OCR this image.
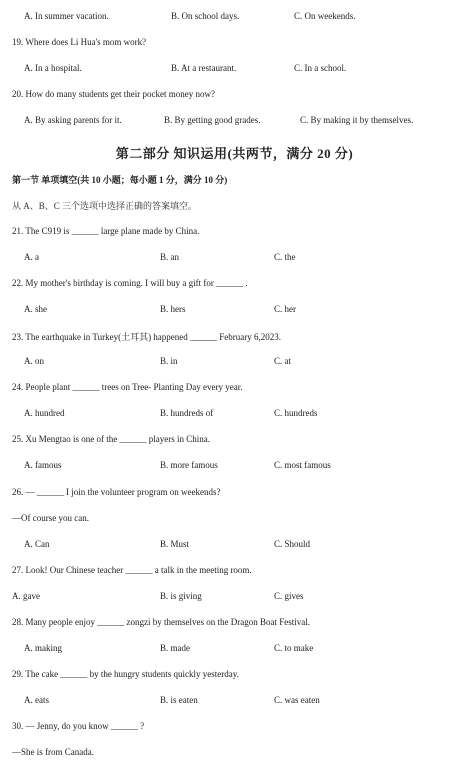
A. In summer vacation.	B. On school days.	C. On weekends.
19. Where does Li Hua's mom work?
A. In a hospital.	B. At a restaurant.	C. In a school.
20. How do many students get their pocket money now?
A. By asking parents for it.	B. By getting good grades.	C. By making it by themselves.
第二部分 知识运用(共两节，满分 20 分)
第一节 单项填空(共 10 小题；每小题 1 分，满分 10 分)
从 A、B、C 三个选项中选择正确的答案填空。
21. The C919 is ______ large plane made by China.
A. a	B. an	C. the
22. My mother's birthday is coming. I will buy a gift for ______ .
A. she	B. hers	C. her
23. The earthquake in Turkey(土耳其) happened ______ February 6,2023.
A. on	B. in	C. at
24. People plant ______ trees on Tree- Planting Day every year.
A. hundred	B. hundreds of	C. hundreds
25. Xu Mengtao is one of the ______ players in China.
A. famous	B. more famous	C. most famous
26. — ______ I join the volunteer program on weekends?
—Of course you can.
A. Can	B. Must	C. Should
27. Look! Our Chinese teacher ______ a talk in the meeting room.
A. gave	B. is giving	C. gives
28. Many people enjoy ______ zongzi by themselves on the Dragon Boat Festival.
A. making	B. made	C. to make
29. The cake ______ by the hungry students quickly yesterday.
A. eats	B. is eaten	C. was eaten
30. — Jenny, do you know ______ ?
—She is from Canada.
